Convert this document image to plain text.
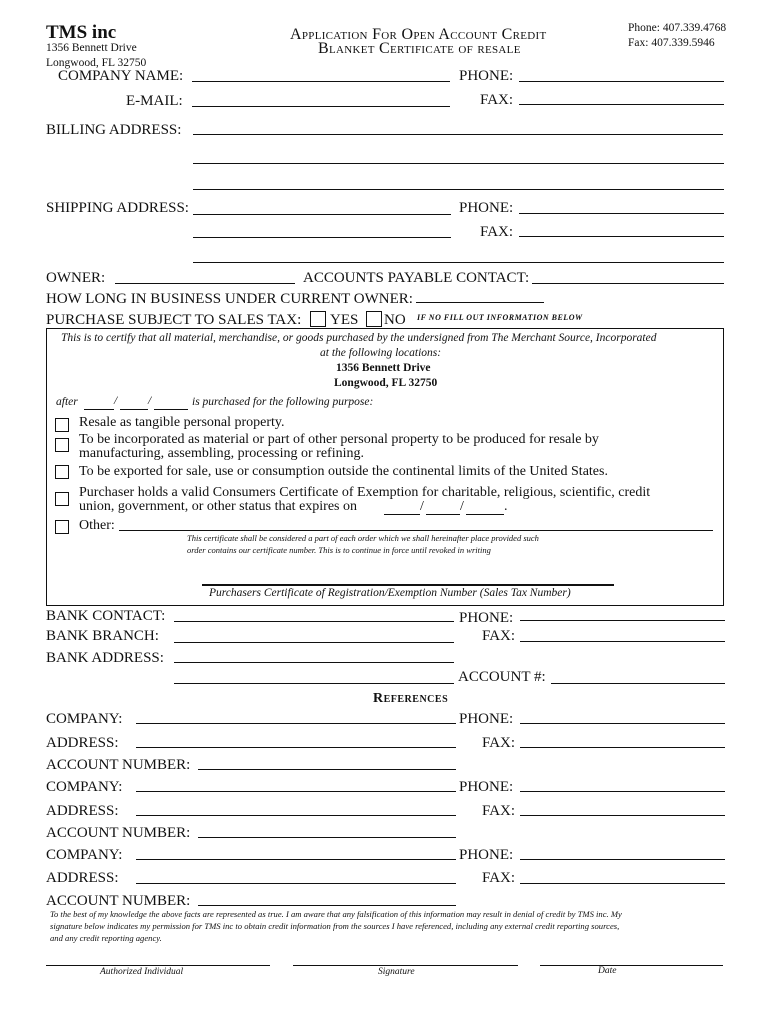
TMS inc
1356 Bennett Drive
Longwood, FL 32750
Application For Open Account Credit
Blanket Certificate of resale
Phone: 407.339.4768
Fax: 407.339.5946
COMPANY NAME:	PHONE:
E-MAIL:	FAX:
BILLING ADDRESS:
SHIPPING ADDRESS:	PHONE:
FAX:
OWNER:	ACCOUNTS PAYABLE CONTACT:
HOW LONG IN BUSINESS UNDER CURRENT OWNER:
PURCHASE SUBJECT TO SALES TAX: YES NO IF NO FILL OUT INFORMATION BELOW
This is to certify that all material, merchandise, or goods purchased by the undersigned from The Merchant Source, Incorporated
at the following locations:
1356 Bennett Drive
Longwood, FL 32750
after	/	/	is purchased for the following purpose:
Resale as tangible personal property.
To be incorporated as material or part of other personal property to be produced for resale by
manufacturing, assembling, processing or refining.
To be exported for sale, use or consumption outside the continental limits of the United States.
Purchaser holds a valid Consumers Certificate of Exemption for charitable, religious, scientific, credit
union, government, or other status that expires on	/	/	.
Other:
This certificate shall be considered a part of each order which we shall hereinafter place provided such
order contains our certificate number. This is to continue in force until revoked in writing
Purchasers Certificate of Registration/Exemption Number (Sales Tax Number)
BANK CONTACT:	PHONE:
BANK BRANCH:	FAX:
BANK ADDRESS:
ACCOUNT #:
References
COMPANY:	PHONE:
ADDRESS:	FAX:
ACCOUNT NUMBER:
COMPANY:	PHONE:
ADDRESS:	FAX:
ACCOUNT NUMBER:
COMPANY:	PHONE:
ADDRESS:	FAX:
ACCOUNT NUMBER:
To the best of my knowledge the above facts are represented as true. I am aware that any falsification of this information may result in denial of credit by TMS inc. My
signature below indicates my permission for TMS inc to obtain credit information from the sources I have referenced, including any external credit reporting sources,
and any credit reporting agency.
Authorized Individual	Signature	Date
